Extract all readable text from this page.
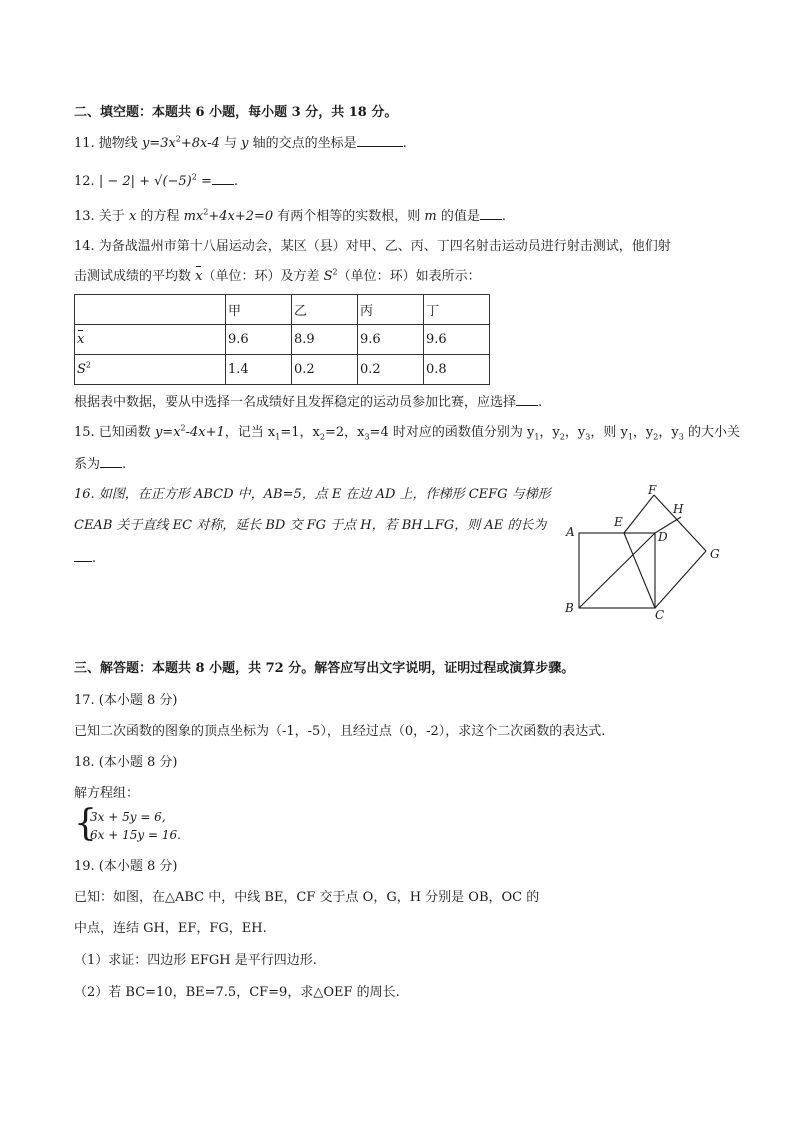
二、填空题：本题共 6 小题，每小题 3 分，共 18 分。
11. 抛物线 $y=3x^2+8x-4$ 与 y 轴的交点的坐标是	.
12. | − $2| + √(-5)^2$ = .
13. 关于 x 的方程 $mx^2+4x+2=0$ 有两个相等的实数根，则 m 的值是 .
14. 为备战温州市第十八届运动会，某区（县）对甲、乙、丙、丁四名射击运动员进行射击测试，他们射
击测试成绩的平均数 x（单位：环）及方差 $S^2$（单位：环）如表所示：
	甲	乙	丙	丁
x	9.6	8.9	9.6	9.6
$S^2$	1.4	0.2	0.2	0.8
根据表中数据，要从中选择一名成绩好且发挥稳定的运动员参加比赛，应选择 .
15. 已知函数 $y=x^2-4x+1$，记当 $x_1=1$，$x_2=2$，$x_3=4$ 时对应的函数值分别为 $y_1$，$y_2$，$y_3$，则 $y_1$，$y_2$，$y_3$ 的大小关
系为 .
16. 如图，在正方形 ABCD 中，AB=5，点 E 在边 AD 上，作梯形 CEFG 与梯形
CEAB 关于直线 EC 对称，延长 BD 交 FG 于点 H，若 BH⊥FG，则 AE 的长为
.
A
B	C
D
E
F
G
H
三、解答题：本题共 8 小题，共 72 分。解答应写出文字说明，证明过程或演算步骤。
17. (本小题 8 分)
已知二次函数的图象的顶点坐标为（-1，-5），且经过点（0，-2），求这个二次函数的表达式.
18. (本小题 8 分)
解方程组：
{
3x + 5y = 6,
6x + 15y = 16.
19. (本小题 8 分)
已知：如图，在△ABC 中，中线 BE，CF 交于点 O，G，H 分别是 OB，OC 的
中点，连结 GH，EF，FG，EH.
（1）求证：四边形 EFGH 是平行四边形.
（2）若 BC=10，BE=7.5，CF=9，求△OEF 的周长.
